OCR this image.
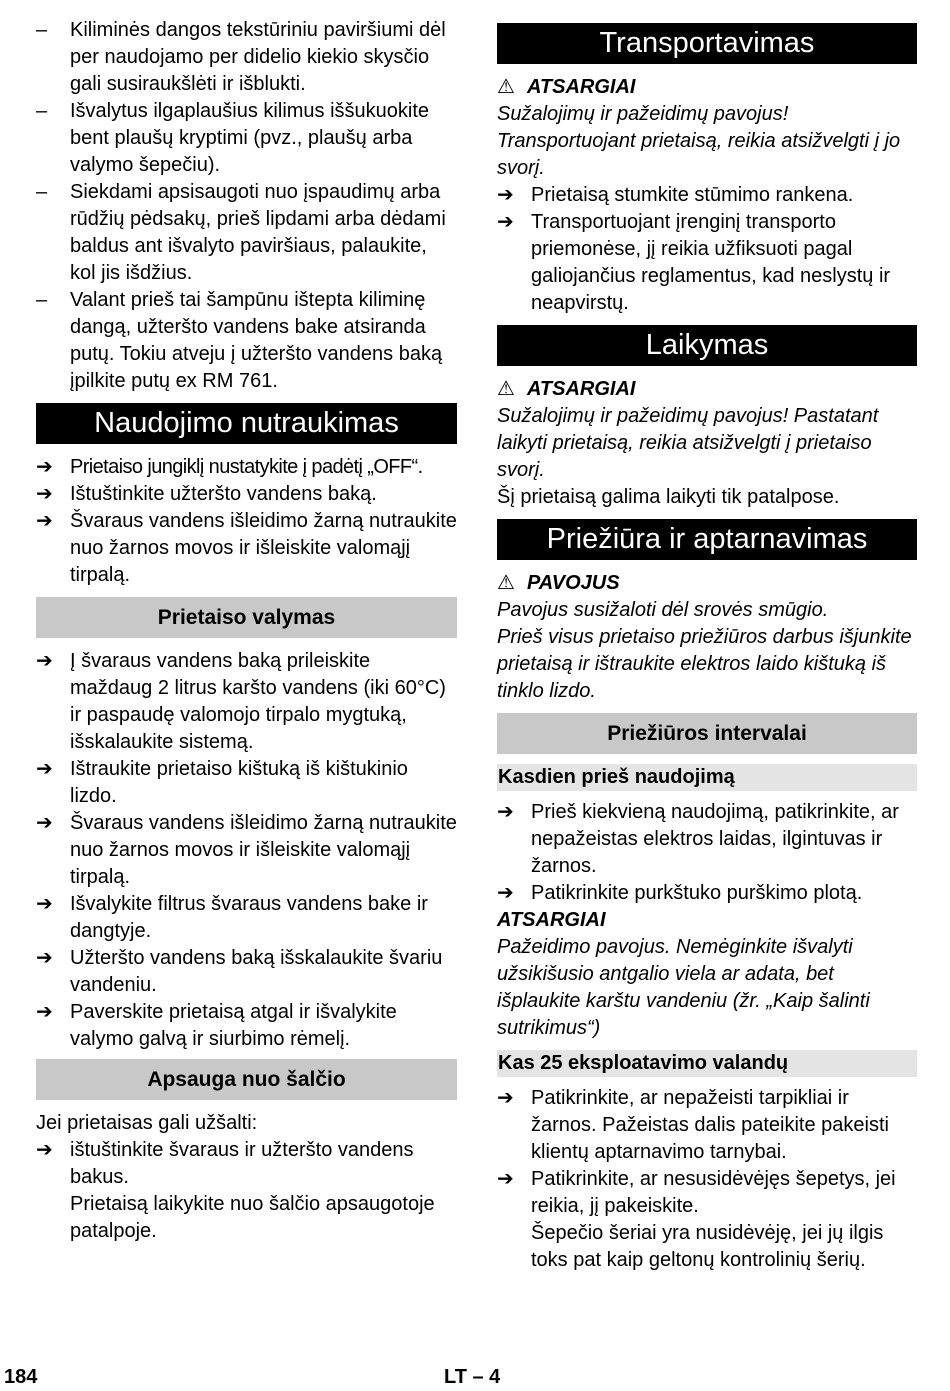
– Kiliminės dangos tekstūriniu paviršiumi dėl per naudojamo per didelio kiekio skysčio gali susiraukšlėti ir išblukti.

– Išvalytus ilgaplaušius kilimus iššukuokite bent plaušų kryptimi (pvz., plaušų arba valymo šepečiu).

– Siekdami apsisaugoti nuo įspaudimų arba rūdžių pėdsakų, prieš lipdami arba dėdami baldus ant išvalyto paviršiaus, palaukite, kol jis išdžius.

– Valant prieš tai šampūnu ištepta kiliminę dangą, užteršto vandens bake atsiranda putų. Tokiu atveju į užteršto vandens baką įpilkite putų ex RM 761.

Naudojimo nutraukimas

➔ Prietaiso jungiklį nustatykite į padėtį „OFF“.

➔ Ištuštinkite užteršto vandens baką.

➔ Švaraus vandens išleidimo žarną nutraukite nuo žarnos movos ir išleiskite valomąjį tirpalą.

Prietaiso valymas

➔ Į švaraus vandens baką prileiskite maždaug 2 litrus karšto vandens (iki 60°C) ir paspaudę valomojo tirpalo mygtuką, išskalaukite sistemą.

➔ Ištraukite prietaiso kištuką iš kištukinio lizdo.

➔ Švaraus vandens išleidimo žarną nutraukite nuo žarnos movos ir išleiskite valomąjį tirpalą.

➔ Išvalykite filtrus švaraus vandens bake ir dangtyje.

➔ Užteršto vandens baką išskalaukite švariu vandeniu.

➔ Paverskite prietaisą atgal ir išvalykite valymo galvą ir siurbimo rėmelį.

Apsauga nuo šalčio

Jei prietaisas gali užšalti:

➔ ištuštinkite švaraus ir užteršto vandens bakus.

Prietaisą laikykite nuo šalčio apsaugotoje patalpoje.

Transportavimas

⚠ ATSARGIAI

Sužalojimų ir pažeidimų pavojus! Transportuojant prietaisą, reikia atsižvelgti į jo svorį.

➔ Prietaisą stumkite stūmimo rankena.

➔ Transportuojant įrenginį transporto priemonėse, jį reikia užfiksuoti pagal galiojančius reglamentus, kad neslystų ir neapvirstų.

Laikymas

⚠ ATSARGIAI

Sužalojimų ir pažeidimų pavojus! Pastatant laikyti prietaisą, reikia atsižvelgti į prietaiso svorį.

Šį prietaisą galima laikyti tik patalpose.

Priežiūra ir aptarnavimas

⚠ PAVOJUS

Pavojus susižaloti dėl srovės smūgio.

Prieš visus prietaiso priežiūros darbus išjunkite prietaisą ir ištraukite elektros laido kištuką iš tinklo lizdo.

Priežiūros intervalai
Kasdien prieš naudojimą

➔ Prieš kiekvieną naudojimą, patikrinkite, ar nepažeistas elektros laidas, ilgintuvas ir žarnos.

➔ Patikrinkite purkštuko purškimo plotą.

ATSARGIAI

Pažeidimo pavojus. Nemėginkite išvalyti užsikišusio antgalio viela ar adata, bet išplaukite karštu vandeniu (žr. „Kaip šalinti sutrikimus“)

Kas 25 eksploatavimo valandų

➔ Patikrinkite, ar nepažeisti tarpikliai ir žarnos. Pažeistas dalis pateikite pakeisti klientų aptarnavimo tarnybai.

➔ Patikrinkite, ar nesusidėvėjęs šepetys, jei reikia, jį pakeiskite.

Šepečio šeriai yra nusidėvėję, jei jų ilgis toks pat kaip geltonų kontrolinių šerių.

184	LT – 4
